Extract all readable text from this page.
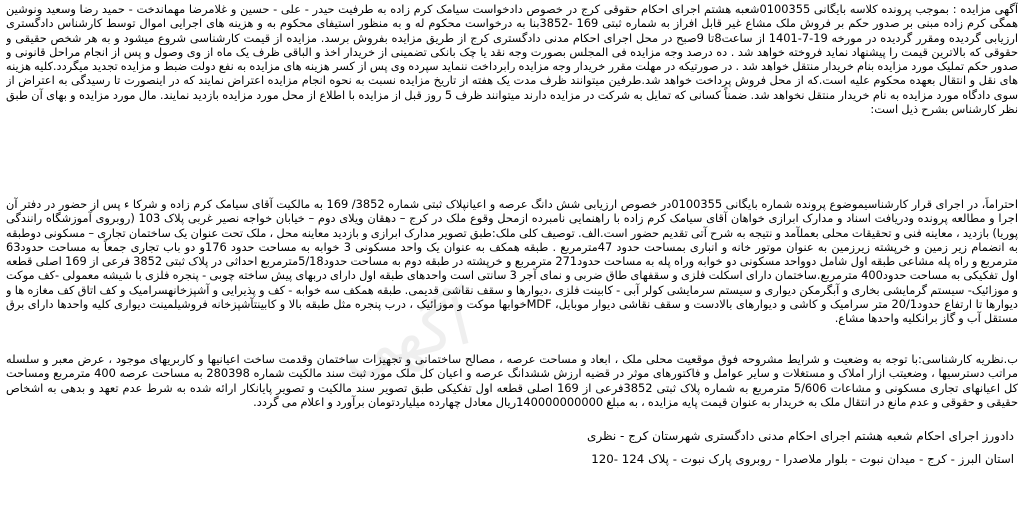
آگهی

آگهی مزایده : بموجب پرونده کلاسه بایگانی 0100355شعبه هشتم اجرای احکام حقوقی کرج در خصوص دادخواست سیامک کرم زاده به طرفیت حیدر - علی - حسین و غلامرضا مهماندخت - حمید رضا وسعید ونوشین همگی کرم زاده مبنی بر صدور حکم بر فروش ملک مشاع غیر قابل افراز به شماره ثبتی 169 -3852بنا به درخواست محکوم له و به منظور استیفای محکوم به و هزینه های اجرایی اموال توسط کارشناس دادگستری ارزیابی گردیده ومقرر گردیده در مورخه 19-7-1401 از ساعت8تا 9صبح در محل اجرای احکام مدنی دادگستری کرج از طریق مزایده بفروش برسد. مزایده از قیمت کارشناسی شروع میشود و به هر شخص حقیقی و حقوقی که بالاترین قیمت را پیشنهاد نماید فروخته خواهد شد . ده درصد وجه مزایده فی المجلس بصورت وجه نقد یا چک بانکی تضمینی از خریدار اخذ و الباقی ظرف یک ماه از وی وصول و پس از انجام مراحل قانونی و صدور حکم تملیک مورد مزایده بنام خریدار منتقل خواهد شد . در صورتیکه در مهلت مقرر خریدار وجه مزایده رابرداخت ننماید سپرده وی پس از کسر هزینه های مزایده به نفع دولت ضبط و مزایده تجدید میگردد.کلیه هزینه های نقل و انتقال بعهده محکوم علیه است.که از محل فروش پرداخت خواهد شد.طرفین میتوانند ظرف مدت یک هفته از تاریخ مزایده نسبت به نحوه انجام مزایده اعتراض نمایند که در اینصورت تا رسیدگی به اعتراض از سوی دادگاه مورد مزایده به نام خریدار منتقل نخواهد شد. ضمناً کسانی که تمایل به شرکت در مزایده دارند میتوانند ظرف 5 روز قبل از مزایده با اطلاع از محل مورد مزایده بازدید نمایند. مال مورد مزایده و بهای آن طبق نظر کارشناس بشرح ذیل است:

احتراماً، در اجرای قرار کارشناسیموضوع پرونده شماره بایگانی 0100355در خصوص ارزیابی شش دانگ عرصه و اعیانپلاک ثبتی شماره 3852/ 169 به مالکیت آقای سیامک کرم زاده و شرکا ء پس از حضور در دفتر آن اجرا و مطالعه پرونده ودریافت اسناد و مدارک ابرازی خواهان آقای سیامک کرم زاده با راهنمایی نامبرده ازمحل وقوع ملک در کرج – دهقان ویلای دوم – خیابان خواجه نصیر غربی پلاک 103 (روبروی آموزشگاه رانندگی پوریا) بازدید ، معاینه فنی و تحقیقات محلی بعملآمد و نتیجه به شرح آتی تقدیم حضور است.الف. توصیف کلی ملک:طبق تصویر مدارک ابرازی و بازدید معاینه محل ، ملک تحت عنوان یک ساختمان تجاری – مسکونی دوطبقه به انضمام زیر زمین و خرپشته زیرزمین به عنوان موتور خانه و انباری بمساحت حدود 47مترمربع . طبقه همکف به عنوان یک واحد مسکونی 3 خوابه به مساحت حدود 176و دو باب تجاری جمعاً به مساحت حدود63 مترمربع و راه پله مشاعی طبقه اول شامل دوواحد مسکونی دو خوابه وراه پله به مساحت حدود271 مترمربع و خرپشته در طبقه دوم به مساحت حدود5/18مترمربع احداثی در پلاک ثبتی 3852 فرعی از 169 اصلی قطعه اول تفکیکی به مساحت حدود400 مترمربع.ساختمان دارای اسکلت فلزی و سقفهای طاق ضربی و نمای آجر 3 سانتی است واحدهای طبقه اول دارای دربهای پیش ساخته چوبی - پنجره فلزی با شیشه معمولی -کف موکت و موزائیک- سیستم گرمایشی بخاری و آبگرمکن دیواری و سیستم سرمایشی کولر آبی - کابینت فلزی ،دیوارها و سقف نقاشی قدیمی. طبقه همکف سه خوابه - کف و پذیرایی و آشپزخانهسرامیک و کف اتاق کف مغازه ها و دیوارها تا ارتفاع حدود20/1 متر سرامیک و کاشی و دیوارهای بالادست و سقف نقاشی دیوار موبایل، MDFخوابها موکت و موزائیک ، درب پنجره مثل طبقه بالا و کابینتآشپزخانه فروشیلمینت دیواری کلیه واحدها دارای برق مستقل آب و گاز برانکلیه واحدها مشاع.

ب.نظریه کارشناسی:با توجه به وضعیت و شرایط مشروحه فوق موقعیت محلی ملک ، ابعاد و مساحت عرصه ، مصالح ساختمانی و تجهیزات ساختمان وقدمت ساخت اعیانیها و کاربریهای موجود ، عرض معبر و سلسله مراتب دسترسیها ، وضعیتب ازار املاک و مستغلات و سایر عوامل و فاکتورهای موثر در قضیه ارزش ششدانگ عرصه و اعیان کل ملک مورد ثبت سند مالکیت شماره 280398 به مساحت عرصه 400 مترمربع ومساحت کل اعیانهای تجاری مسکونی و مشاعات 5/606 مترمربع به شماره پلاک ثبتی 3852فرعی از 169 اصلی قطعه اول تفکیکی طبق تصویر سند مالکیت و تصویر پایانکار ارائه شده به شرط عدم تعهد و بدهی به اشخاص حقیقی و حقوقی و عدم مانع در انتقال ملک به خریدار به عنوان قیمت پایه مزایده ، به مبلغ 140000000000ریال معادل چهارده میلیاردتومان برآورد و اعلام می گردد.

دادورز اجرای احکام شعبه هشتم اجرای احکام مدنی دادگستری شهرستان کرج - نظری
استان البرز - کرج - میدان نبوت - بلوار ملاصدرا - روبروی پارک نبوت - پلاک 124 -120
